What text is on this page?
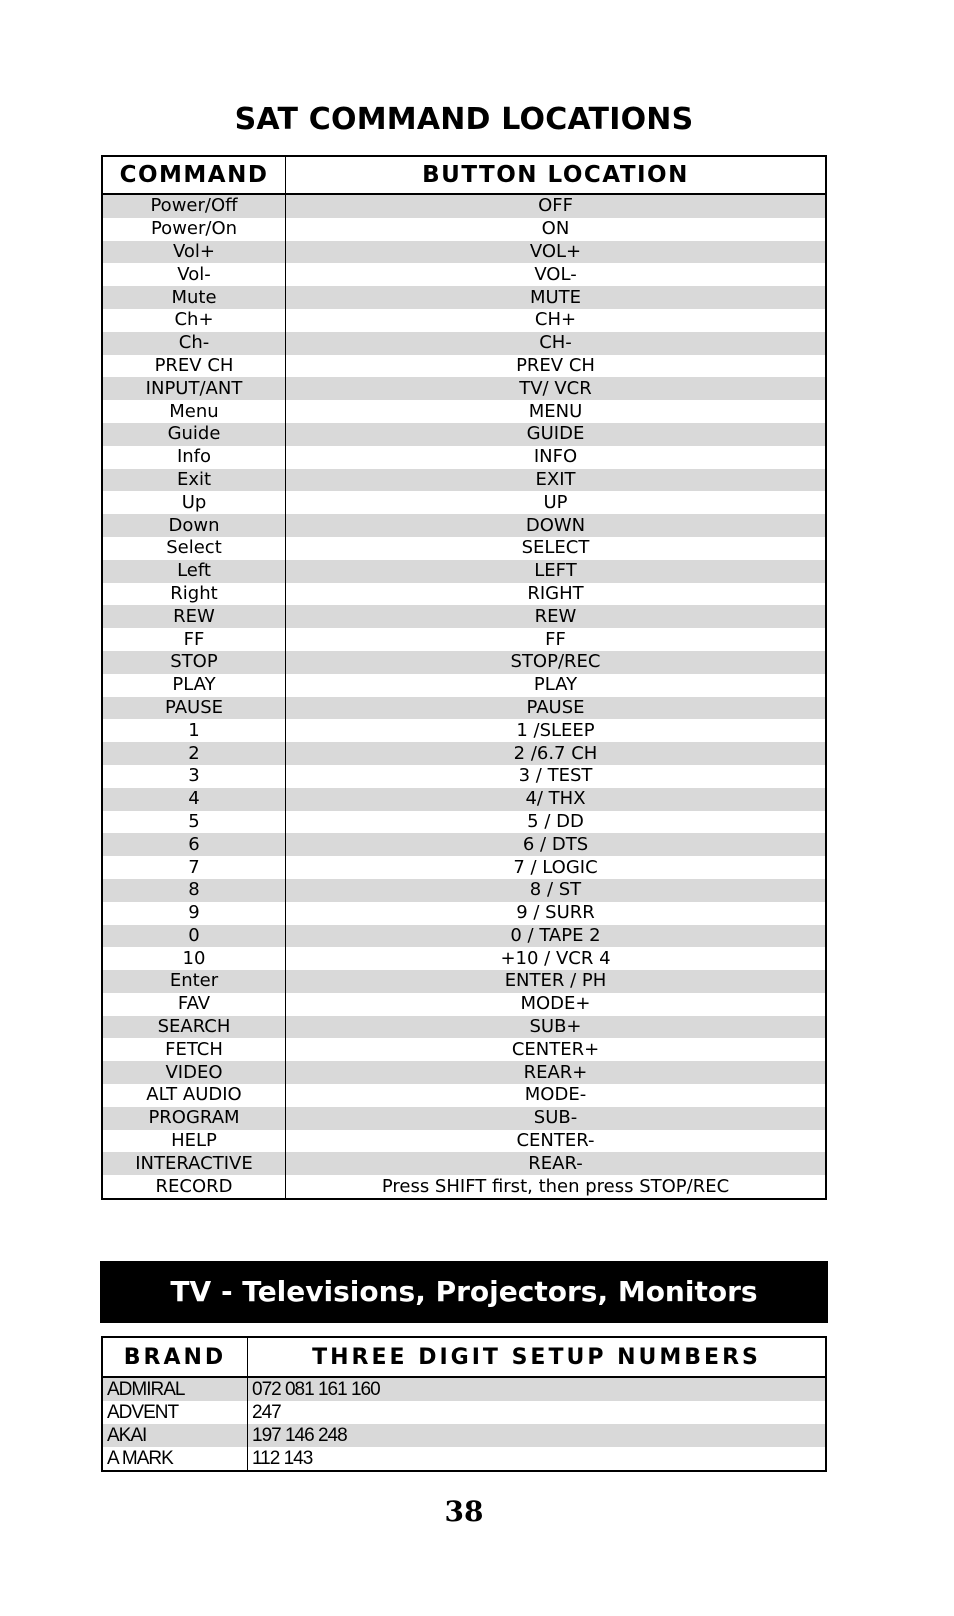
SAT COMMAND LOCATIONS
COMMAND	BUTTON LOCATION
Power/Off	OFF
Power/On	ON
Vol+	VOL+
Vol-	VOL-
Mute	MUTE
Ch+	CH+
Ch-	CH-
PREV CH	PREV CH
INPUT/ANT	TV/ VCR
Menu	MENU
Guide	GUIDE
Info	INFO
Exit	EXIT
Up	UP
Down	DOWN
Select	SELECT
Left	LEFT
Right	RIGHT
REW	REW
FF	FF
STOP	STOP/REC
PLAY	PLAY
PAUSE	PAUSE
1	1 /SLEEP
2	2 /6.7 CH
3	3 / TEST
4	4/ THX
5	5 / DD
6	6 / DTS
7	7 / LOGIC
8	8 / ST
9	9 / SURR
0	0 / TAPE 2
10	+10 / VCR 4
Enter	ENTER / PH
FAV	MODE+
SEARCH	SUB+
FETCH	CENTER+
VIDEO	REAR+
ALT AUDIO	MODE-
PROGRAM	SUB-
HELP	CENTER-
INTERACTIVE	REAR-
RECORD	Press SHIFT first, then press STOP/REC
TV - Televisions, Projectors, Monitors
BRAND	THREE DIGIT SETUP NUMBERS
ADMIRAL	072 081 161 160
ADVENT	247
AKAI	197 146 248
A MARK	112 143
38
